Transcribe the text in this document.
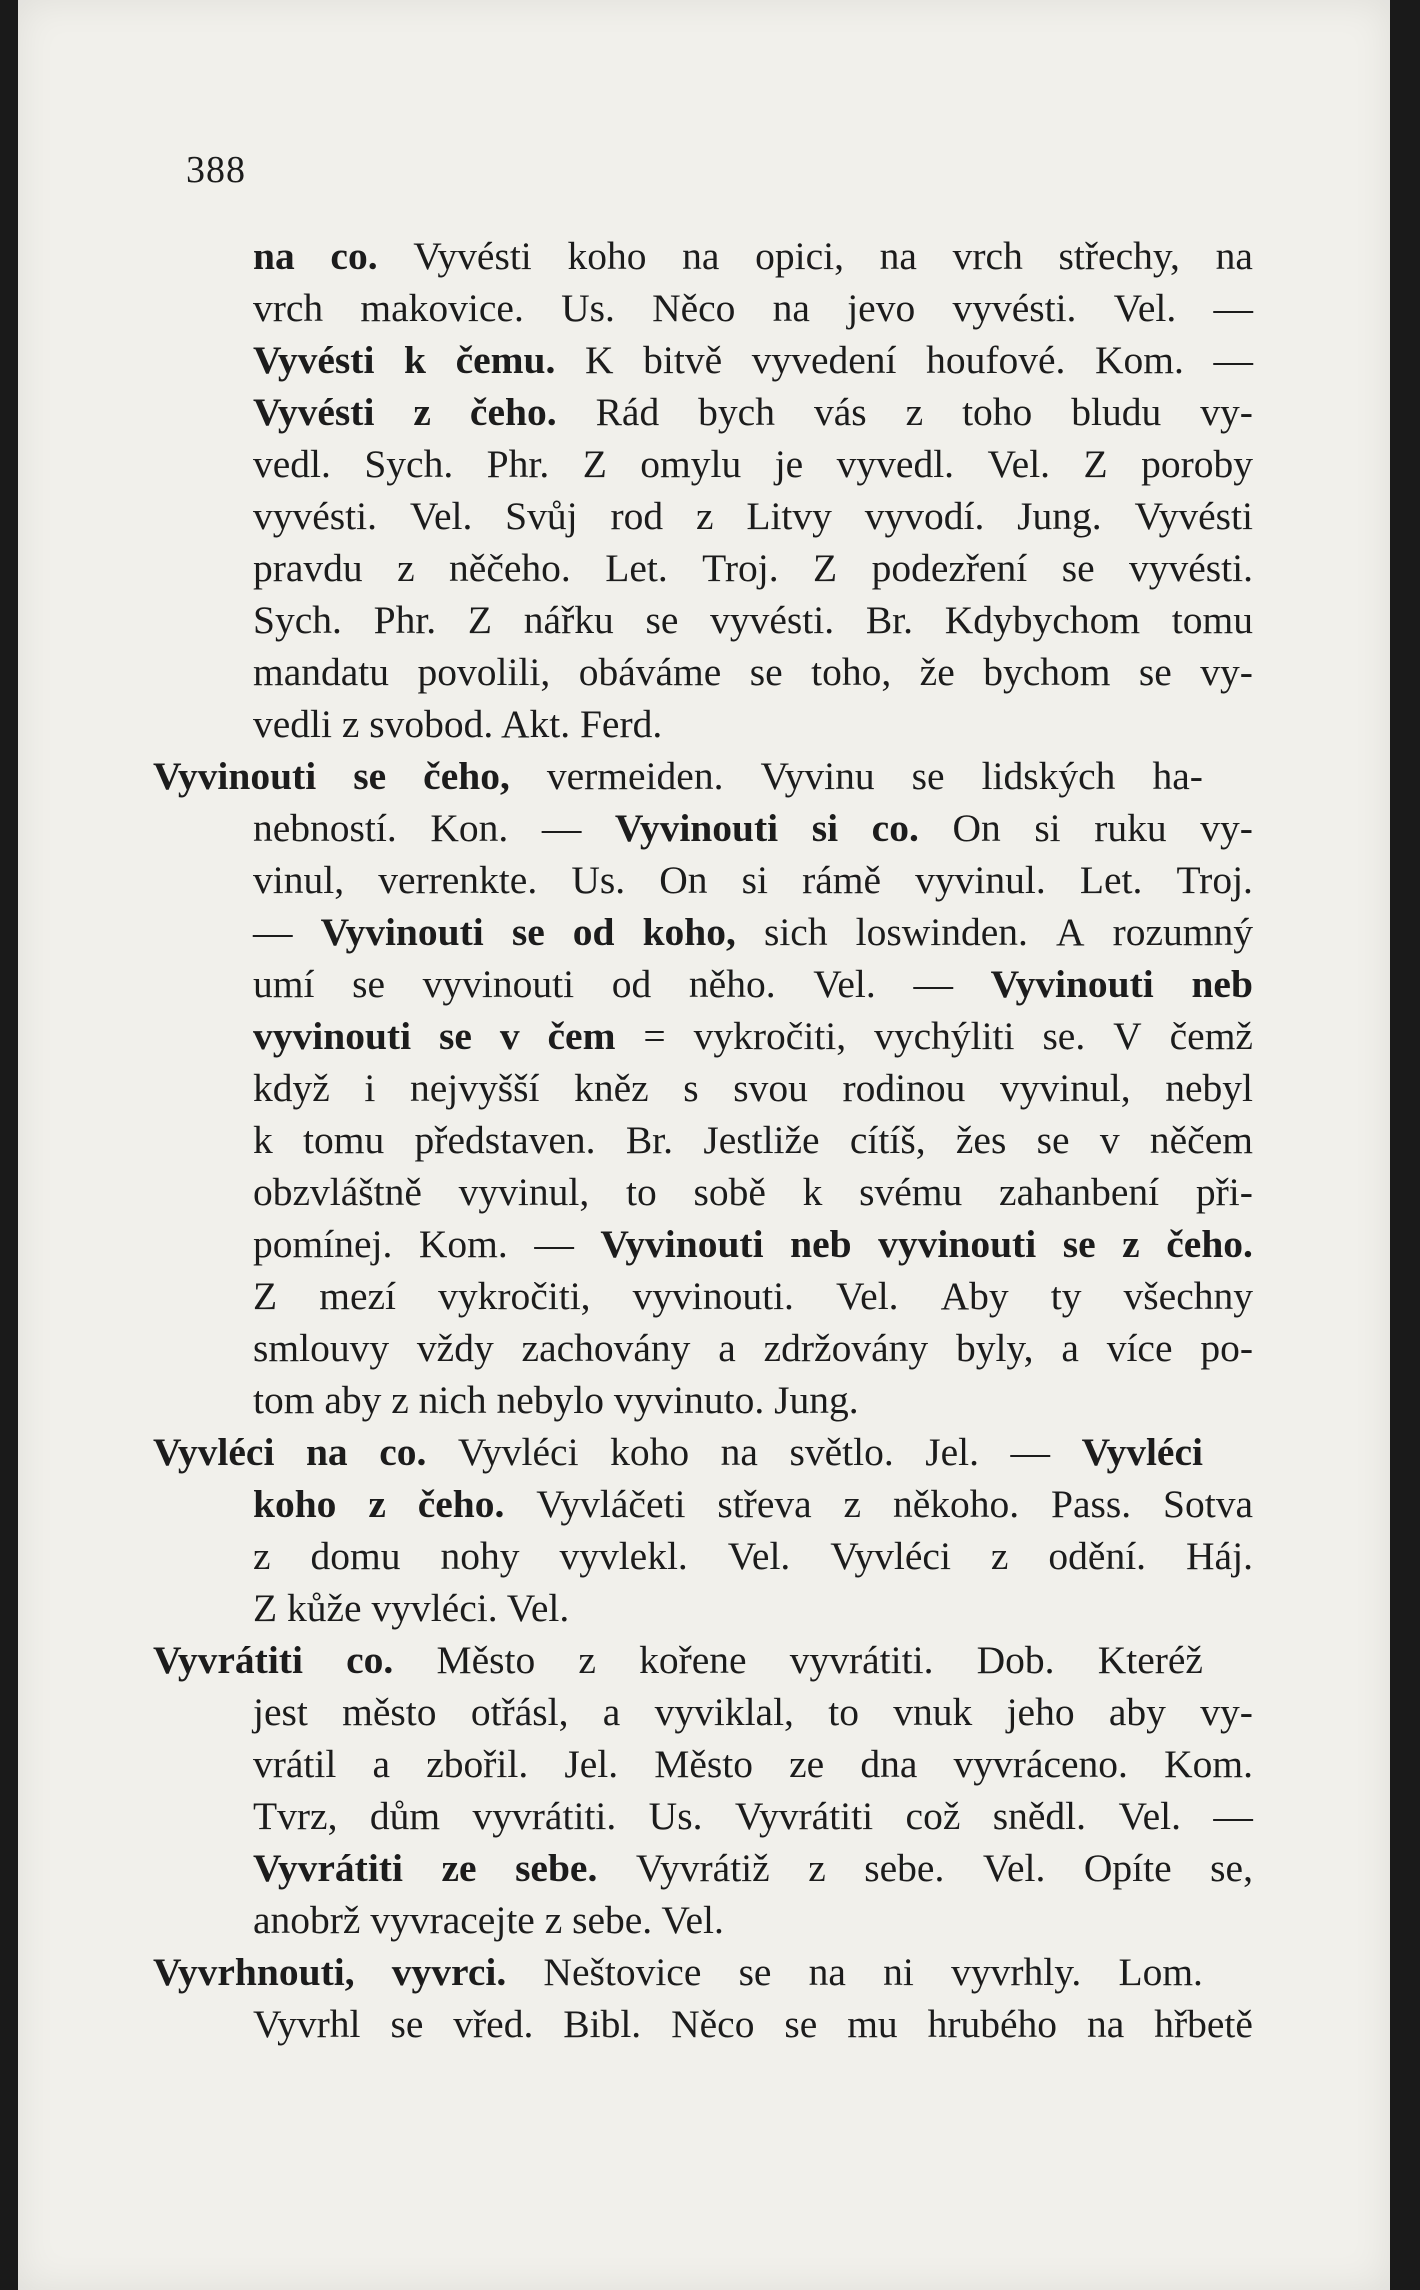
388
na co. Vyvésti koho na opici, na vrch střechy, na
vrch makovice. Us. Něco na jevo vyvésti. Vel. —
Vyvésti k čemu. K bitvě vyvedení houfové. Kom. —
Vyvésti z čeho. Rád bych vás z toho bludu vy-
vedl. Sych. Phr. Z omylu je vyvedl. Vel. Z poroby
vyvésti. Vel. Svůj rod z Litvy vyvodí. Jung. Vyvésti
pravdu z něčeho. Let. Troj. Z podezření se vyvésti.
Sych. Phr. Z nářku se vyvésti. Br. Kdybychom tomu
mandatu povolili, obáváme se toho, že bychom se vy-
vedli z svobod. Akt. Ferd.
Vyvinouti se čeho, vermeiden. Vyvinu se lidských ha-
nebností. Kon. — Vyvinouti si co. On si ruku vy-
vinul, verrenkte. Us. On si rámě vyvinul. Let. Troj.
— Vyvinouti se od koho, sich loswinden. A rozumný
umí se vyvinouti od něho. Vel. — Vyvinouti neb
vyvinouti se v čem = vykročiti, vychýliti se. V čemž
když i nejvyšší kněz s svou rodinou vyvinul, nebyl
k tomu představen. Br. Jestliže cítíš, žes se v něčem
obzvláštně vyvinul, to sobě k svému zahanbení při-
pomínej. Kom. — Vyvinouti neb vyvinouti se z čeho.
Z mezí vykročiti, vyvinouti. Vel. Aby ty všechny
smlouvy vždy zachovány a zdržovány byly, a více po-
tom aby z nich nebylo vyvinuto. Jung.
Vyvléci na co. Vyvléci koho na světlo. Jel. — Vyvléci
koho z čeho. Vyvláčeti střeva z někoho. Pass. Sotva
z domu nohy vyvlekl. Vel. Vyvléci z odění. Háj.
Z kůže vyvléci. Vel.
Vyvrátiti co. Město z kořene vyvrátiti. Dob. Kteréž
jest město otřásl, a vyviklal, to vnuk jeho aby vy-
vrátil a zbořil. Jel. Město ze dna vyvráceno. Kom.
Tvrz, dům vyvrátiti. Us. Vyvrátiti což snědl. Vel. —
Vyvrátiti ze sebe. Vyvrátiž z sebe. Vel. Opíte se,
anobrž vyvracejte z sebe. Vel.
Vyvrhnouti, vyvrci. Neštovice se na ni vyvrhly. Lom.
Vyvrhl se vřed. Bibl. Něco se mu hrubého na hřbetě
